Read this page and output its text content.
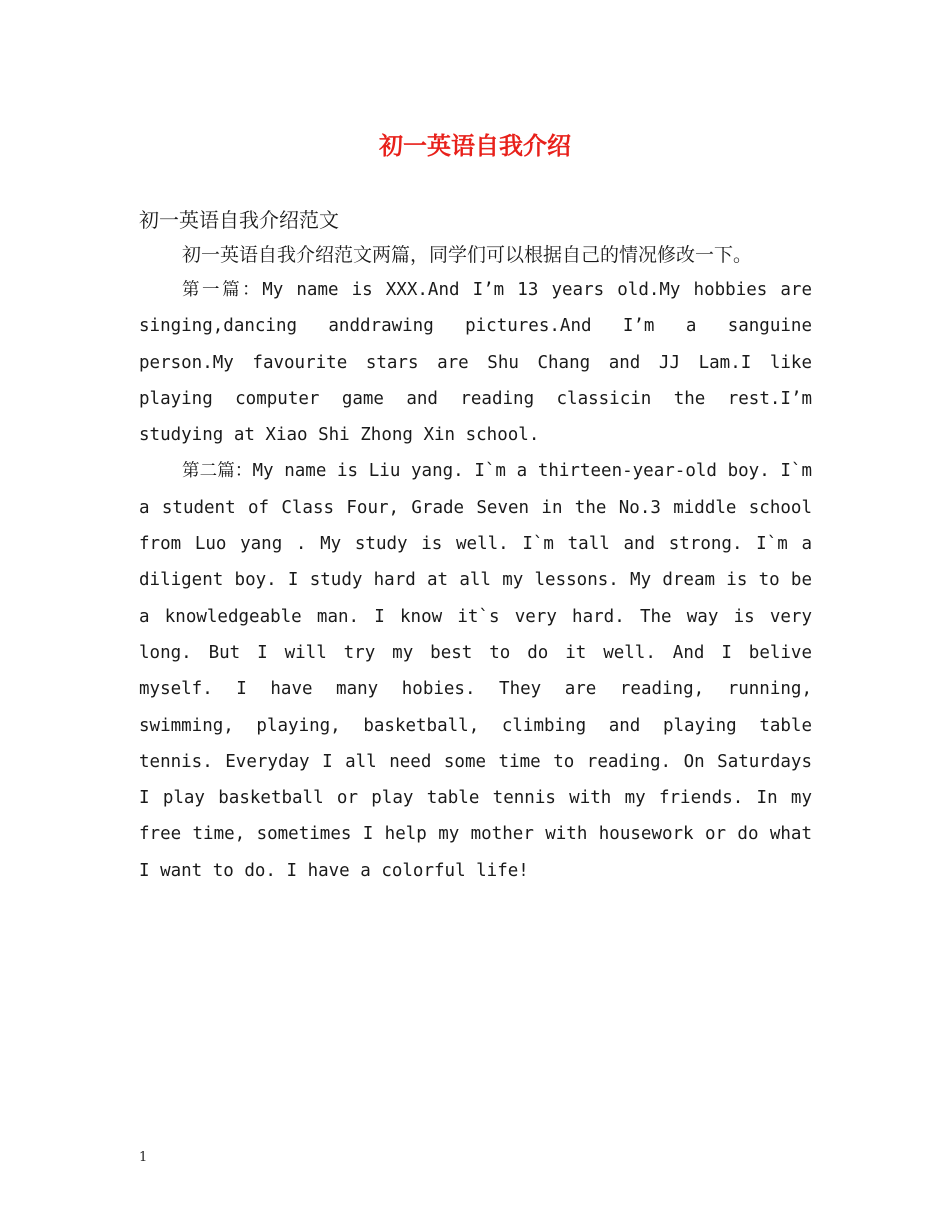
初一英语自我介绍
初一英语自我介绍范文

初一英语自我介绍范文两篇，同学们可以根据自己的情况修改一下。

第一篇：My name is XXX.And I’m 13 years old.My hobbies are singing,dancing anddrawing pictures.And I’m a sanguine person.My favourite stars are Shu Chang and JJ Lam.I like playing computer game and reading classicin the rest.I’m studying at Xiao Shi Zhong Xin school.

第二篇：My name is Liu yang. I`m a thirteen-year-old boy. I`m a student of Class Four, Grade Seven in the No.3 middle school from Luo yang . My study is well. I`m tall and strong. I`m a diligent boy. I study hard at all my lessons. My dream is to be a knowledgeable man. I know it`s very hard. The way is very long. But I will try my best to do it well. And I belive myself. I have many hobies. They are reading, running, swimming, playing, basketball, climbing and playing table tennis. Everyday I all need some time to reading. On Saturdays I play basketball or play table tennis with my friends. In my free time, sometimes I help my mother with housework or do what I want to do. I have a colorful life!

1
